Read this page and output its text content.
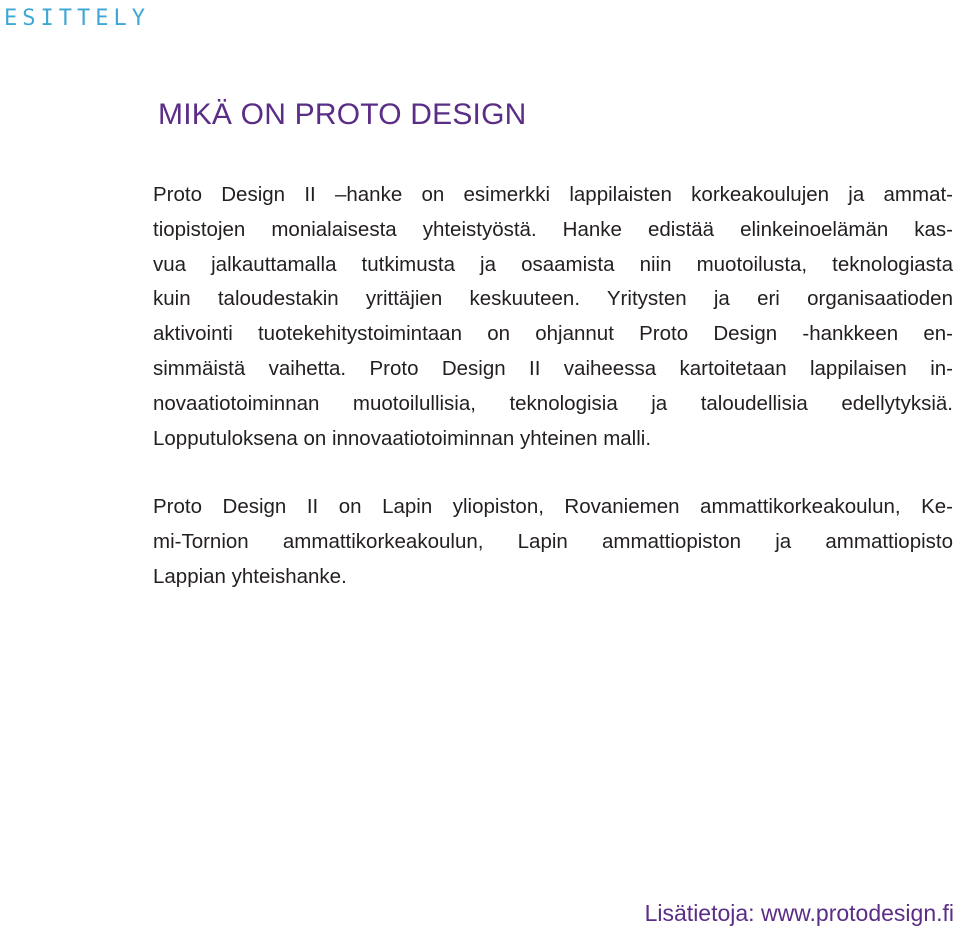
ESITTELY
MIKÄ ON PROTO DESIGN

Proto Design II –hanke on esimerkki lappilaisten korkeakoulujen ja ammat-
tiopistojen monialaisesta yhteistyöstä. Hanke edistää elinkeinoelämän kas-
vua jalkauttamalla tutkimusta ja osaamista niin muotoilusta, teknologiasta
kuin taloudestakin yrittäjien keskuuteen. Yritysten ja eri organisaatioden
aktivointi tuotekehitystoimintaan on ohjannut Proto Design -hankkeen en-
simmäistä vaihetta. Proto Design II vaiheessa kartoitetaan lappilaisen in-
novaatiotoiminnan muotoilullisia, teknologisia ja taloudellisia edellytyksiä.
Lopputuloksena on innovaatiotoiminnan yhteinen malli.

Proto Design II on Lapin yliopiston, Rovaniemen ammattikorkeakoulun, Ke-
mi-Tornion ammattikorkeakoulun, Lapin ammattiopiston ja ammattiopisto
Lappian yhteishanke.

Lisätietoja: www.protodesign.fi
